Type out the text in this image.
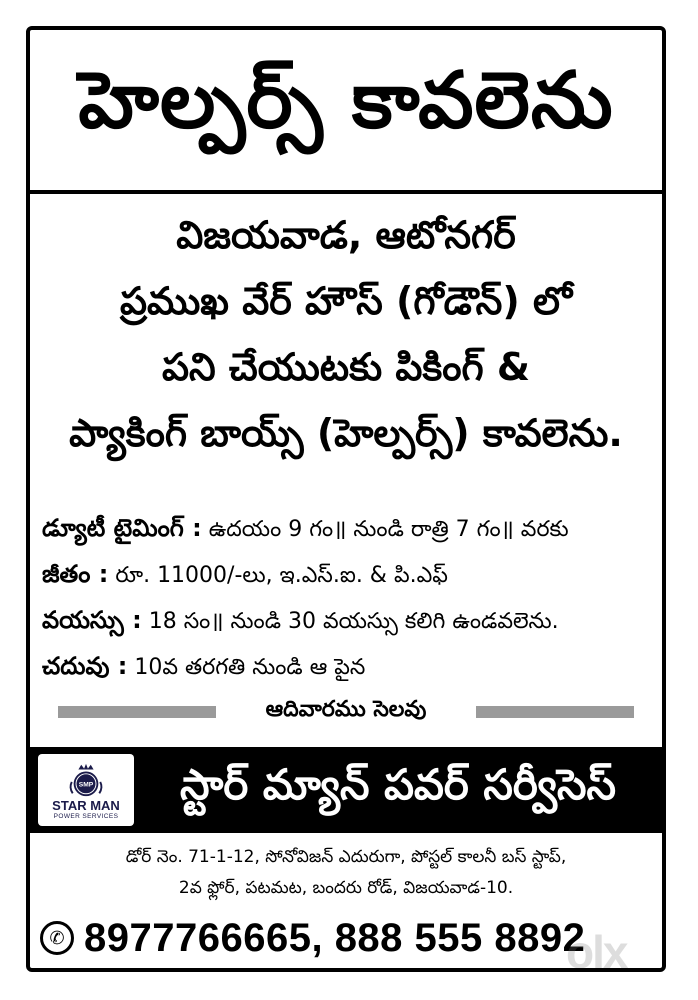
హెల్పర్స్ కావలెను
విజయవాడ, ఆటోనగర్
ప్రముఖ వేర్ హౌస్ (గోడౌన్) లో
పని చేయుటకు పికింగ్ &
ప్యాకింగ్ బాయ్స్ (హెల్పర్స్) కావలెను.
డ్యూటీ టైమింగ్ : ఉదయం 9 గం॥ నుండి రాత్రి 7 గం॥ వరకు
జీతం : రూ. 11000/-లు, ఇ.ఎస్.ఐ. & పి.ఎఫ్
వయస్సు : 18 సం॥ నుండి 30 వయస్సు కలిగి ఉండవలెను.
చదువు : 10వ తరగతి నుండి ఆ పైన
ఆదివారము సెలవు
SMP
STAR MAN
POWER SERVICES
స్టార్ మ్యాన్ పవర్ సర్వీసెస్
డోర్ నెం. 71-1-12, సోనోవిజన్ ఎదురుగా, పోస్టల్ కాలనీ బస్ స్టాప్,
2వ ఫ్లోర్, పటమట, బందరు రోడ్, విజయవాడ-10.
✆ 8977766665, 888 555 8892
olx
